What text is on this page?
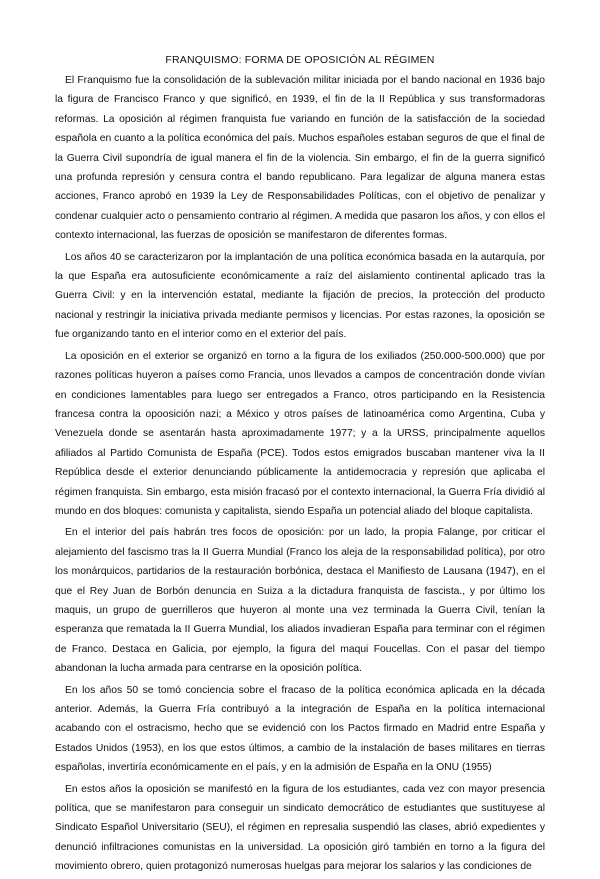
FRANQUISMO: FORMA DE OPOSICIÓN AL RÉGIMEN

El Franquismo fue la consolidación de la sublevación militar iniciada por el bando nacional en 1936 bajo la figura de Francisco Franco y que significó, en 1939, el fin de la II República y sus transformadoras reformas. La oposición al régimen franquista fue variando en función de la satisfacción de la sociedad española en cuanto a la política económica del país. Muchos españoles estaban seguros de que el final de la Guerra Civil supondría de igual manera el fin de la violencia. Sin embargo, el fin de la guerra significó una profunda represión y censura contra el bando republicano. Para legalizar de alguna manera estas acciones, Franco aprobó en 1939 la Ley de Responsabilidades Políticas, con el objetivo de penalizar y condenar cualquier acto o pensamiento contrario al régimen. A medida que pasaron los años, y con ellos el contexto internacional, las fuerzas de oposición se manifestaron de diferentes formas.

Los años 40 se caracterizaron por la implantación de una política económica basada en la autarquía, por la que España era autosuficiente económicamente a raíz del aislamiento continental aplicado tras la Guerra Civil: y en la intervención estatal, mediante la fijación de precios, la protección del producto nacional y restringir la iniciativa privada mediante permisos y licencias. Por estas razones, la oposición se fue organizando tanto en el interior como en el exterior del país.

La oposición en el exterior se organizó en torno a la figura de los exiliados (250.000-500.000) que por razones políticas huyeron a países como Francia, unos llevados a campos de concentración donde vivían en condiciones lamentables para luego ser entregados a Franco, otros participando en la Resistencia francesa contra la opoosición nazi; a México y otros países de latinoamérica como Argentina, Cuba y Venezuela donde se asentarán hasta aproximadamente 1977; y a la URSS, principalmente aquellos afiliados al Partido Comunista de España (PCE). Todos estos emigrados buscaban mantener viva la II República desde el exterior denunciando públicamente la antidemocracia y represión que aplicaba el régimen franquista. Sin embargo, esta misión fracasó por el contexto internacional, la Guerra Fría dividió al mundo en dos bloques: comunista y capitalista, siendo España un potencial aliado del bloque capitalista.

En el interior del país habrán tres focos de oposición: por un lado, la propia Falange, por criticar el alejamiento del fascismo tras la II Guerra Mundial (Franco los aleja de la responsabilidad política), por otro los monárquicos, partidarios de la restauración borbónica, destaca el Manifiesto de Lausana (1947), en el que el Rey Juan de Borbón denuncia en Suiza a la dictadura franquista de fascista., y por último los maquis, un grupo de guerrilleros que huyeron al monte una vez terminada la Guerra Civil, tenían la esperanza que rematada la II Guerra Mundial, los aliados invadieran España para terminar con el régimen de Franco. Destaca en Galicia, por ejemplo, la figura del maqui Foucellas. Con el pasar del tiempo abandonan la lucha armada para centrarse en la oposición política.

En los años 50 se tomó conciencia sobre el fracaso de la política económica aplicada en la década anterior. Además, la Guerra Fría contribuyó a la integración de España en la política internacional acabando con el ostracismo, hecho que se evidenció con los Pactos firmado en Madrid entre España y Estados Unidos (1953), en los que estos últimos, a cambio de la instalación de bases militares en tierras españolas, invertiría económicamente en el país, y en la admisión de España en la ONU (1955)

En estos años la oposición se manifestó en la figura de los estudiantes, cada vez con mayor presencia política, que se manifestaron para conseguir un sindicato democrático de estudiantes que sustituyese al Sindicato Español Universitario (SEU), el régimen en represalia suspendió las clases, abrió expedientes y denunció infiltraciones comunistas en la universidad. La oposición giró también en torno a la figura del movimiento obrero, quien protagonizó numerosas huelgas para mejorar los salarios y las condiciones de
